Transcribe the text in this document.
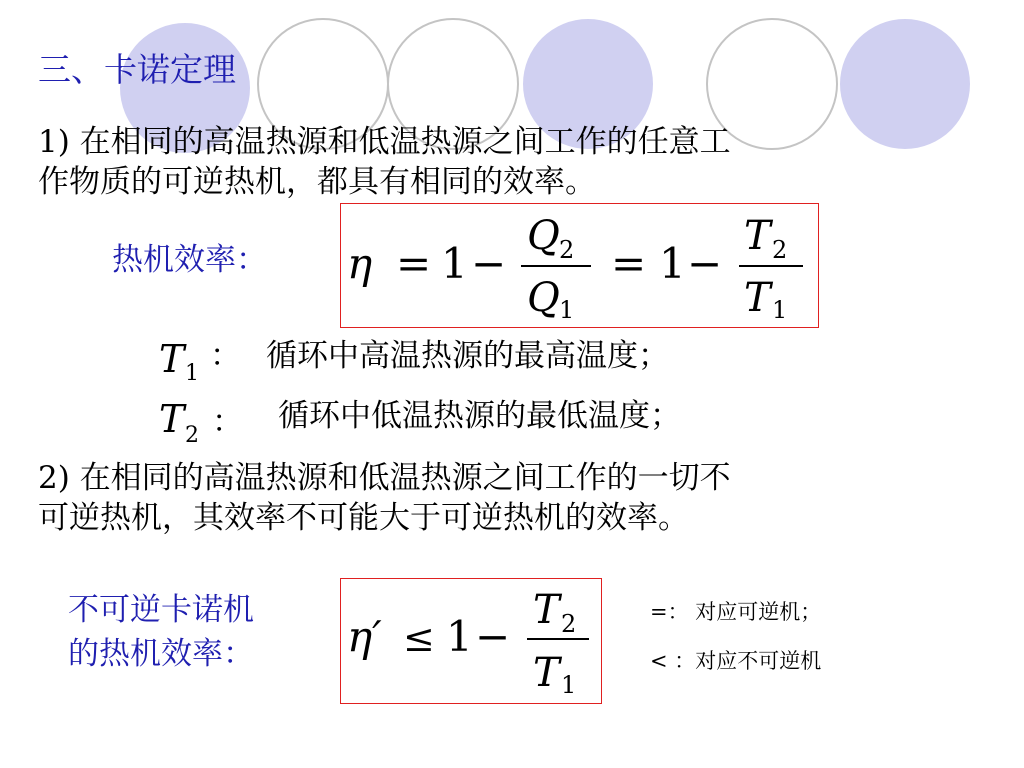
三、卡诺定理
1) 在相同的高温热源和低温热源之间工作的任意工
作物质的可逆热机，都具有相同的效率。
热机效率： η = 1 −
Q 2
Q 1
= 1 −
T 2
T 1
T 1 ： 循环中高温热源的最高温度；
T 2 ： 循环中低温热源的最低温度；
2) 在相同的高温热源和低温热源之间工作的一切不
可逆热机，其效率不可能大于可逆热机的效率。
不可逆卡诺机
的热机效率： η′ ≤ 1 −
T 2
T 1
=： 对应可逆机；
< ：对应不可逆机
